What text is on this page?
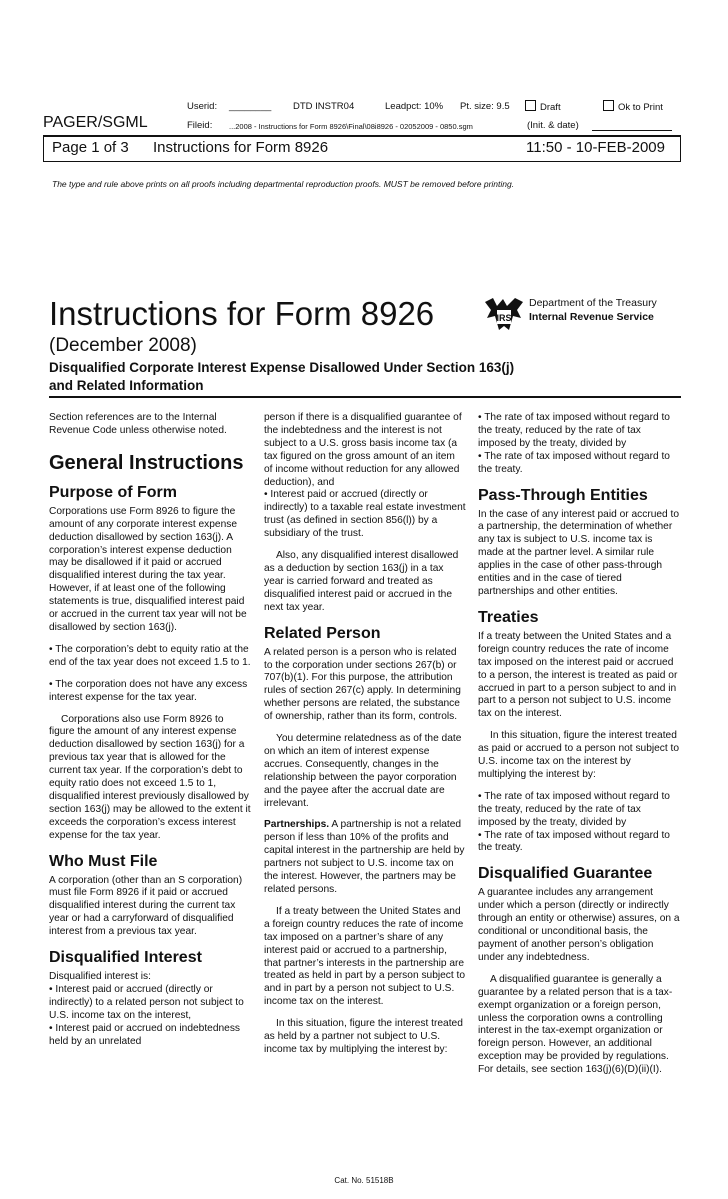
Userid: ________ DTD INSTR04	Leadpct: 10% Pt. size: 9.5	Draft	Ok to Print
PAGER/SGML	Fileid: ...2008 - Instructions for Form 8926\Final\08i8926 - 02052009 - 0850.sgm	(Init. & date)
Page 1 of 3 Instructions for Form 8926	11:50 - 10-FEB-2009
The type and rule above prints on all proofs including departmental reproduction proofs. MUST be removed before printing.
Instructions for Form 8926	IRS
Department of the Treasury
Internal Revenue Service
(December 2008)
Disqualified Corporate Interest Expense Disallowed Under Section 163(j)
and Related Information

Section references are to the Internal Revenue Code unless otherwise noted.

General Instructions
Purpose of Form

Corporations use Form 8926 to figure the amount of any corporate interest expense deduction disallowed by section 163(j). A corporation’s interest expense deduction may be disallowed if it paid or accrued disqualified interest during the tax year. However, if at least one of the following statements is true, disqualified interest paid or accrued in the current tax year will not be disallowed by section 163(j).

• The corporation’s debt to equity ratio at the end of the tax year does not exceed 1.5 to 1.

• The corporation does not have any excess interest expense for the tax year.

Corporations also use Form 8926 to figure the amount of any interest expense deduction disallowed by section 163(j) for a previous tax year that is allowed for the current tax year. If the corporation’s debt to equity ratio does not exceed 1.5 to 1, disqualified interest previously disallowed by section 163(j) may be allowed to the extent it exceeds the corporation’s excess interest expense for the tax year.

Who Must File

A corporation (other than an S corporation) must file Form 8926 if it paid or accrued disqualified interest during the current tax year or had a carryforward of disqualified interest from a previous tax year.

Disqualified Interest

Disqualified interest is:

• Interest paid or accrued (directly or indirectly) to a related person not subject to U.S. income tax on the interest,

• Interest paid or accrued on indebtedness held by an unrelated

person if there is a disqualified guarantee of the indebtedness and the interest is not subject to a U.S. gross basis income tax (a tax figured on the gross amount of an item of income without reduction for any allowed deduction), and

• Interest paid or accrued (directly or indirectly) to a taxable real estate investment trust (as defined in section 856(l)) by a subsidiary of the trust.

Also, any disqualified interest disallowed as a deduction by section 163(j) in a tax year is carried forward and treated as disqualified interest paid or accrued in the next tax year.

Related Person

A related person is a person who is related to the corporation under sections 267(b) or 707(b)(1). For this purpose, the attribution rules of section 267(c) apply. In determining whether persons are related, the substance of ownership, rather than its form, controls.

You determine relatedness as of the date on which an item of interest expense accrues. Consequently, changes in the relationship between the payor corporation and the payee after the accrual date are irrelevant.

Partnerships. A partnership is not a related person if less than 10% of the profits and capital interest in the partnership are held by partners not subject to U.S. income tax on the interest. However, the partners may be related persons.

If a treaty between the United States and a foreign country reduces the rate of income tax imposed on a partner’s share of any interest paid or accrued to a partnership, that partner’s interests in the partnership are treated as held in part by a person subject to and in part by a person not subject to U.S. income tax on the interest.

In this situation, figure the interest treated as held by a partner not subject to U.S. income tax by multiplying the interest by:

• The rate of tax imposed without regard to the treaty, reduced by the rate of tax imposed by the treaty, divided by

• The rate of tax imposed without regard to the treaty.

Pass-Through Entities

In the case of any interest paid or accrued to a partnership, the determination of whether any tax is subject to U.S. income tax is made at the partner level. A similar rule applies in the case of other pass-through entities and in the case of tiered partnerships and other entities.

Treaties

If a treaty between the United States and a foreign country reduces the rate of income tax imposed on the interest paid or accrued to a person, the interest is treated as paid or accrued in part to a person subject to and in part to a person not subject to U.S. income tax on the interest.

In this situation, figure the interest treated as paid or accrued to a person not subject to U.S. income tax on the interest by multiplying the interest by:

• The rate of tax imposed without regard to the treaty, reduced by the rate of tax imposed by the treaty, divided by

• The rate of tax imposed without regard to the treaty.

Disqualified Guarantee

A guarantee includes any arrangement under which a person (directly or indirectly through an entity or otherwise) assures, on a conditional or unconditional basis, the payment of another person’s obligation under any indebtedness.

A disqualified guarantee is generally a guarantee by a related person that is a tax-exempt organization or a foreign person, unless the corporation owns a controlling interest in the tax-exempt organization or foreign person. However, an additional exception may be provided by regulations. For details, see section 163(j)(6)(D)(ii)(I).

Cat. No. 51518B
